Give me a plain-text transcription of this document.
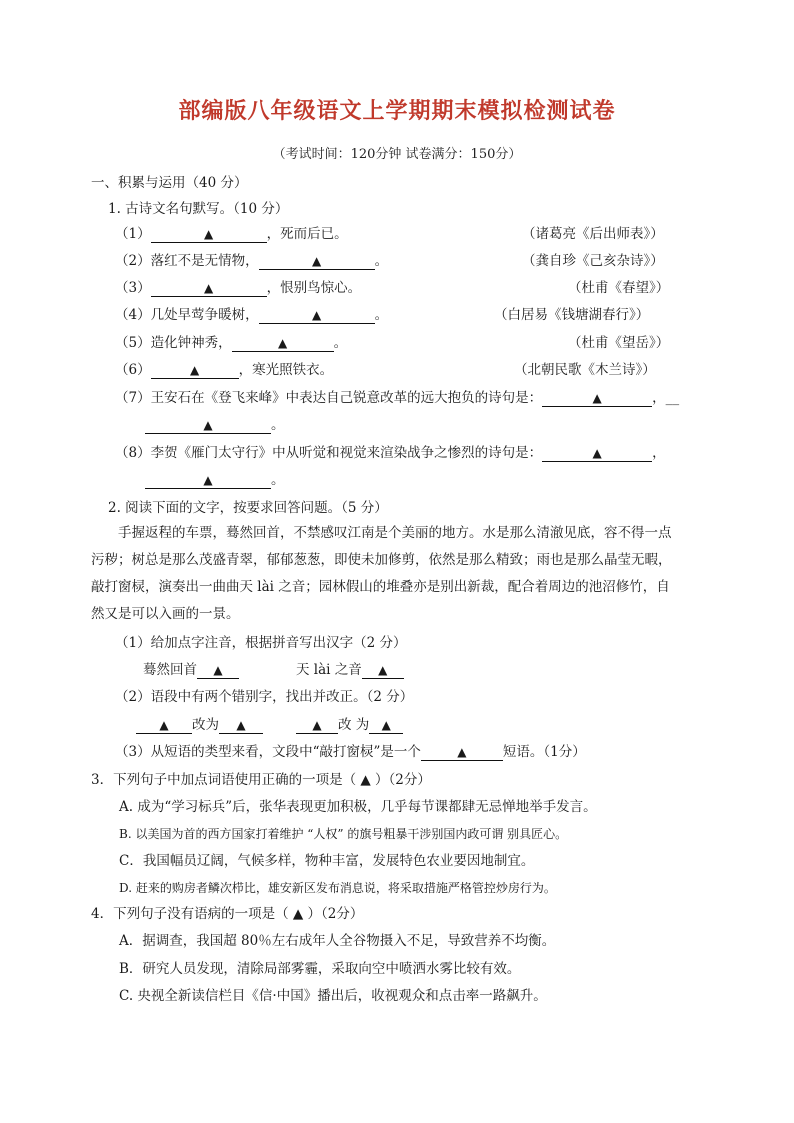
部编版八年级语文上学期期末模拟检测试卷
（考试时间：120分钟 试卷满分：150分）
一、积累与运用（40 分）
1. 古诗文名句默写。（10 分）
（1）	▲	，死而后已。	（诸葛亮《后出师表》）
（2）落红不是无情物，	▲	。	（龚自珍《己亥杂诗》）
（3）	▲	，恨别鸟惊心。	（杜甫《春望》）
（4）几处早莺争暖树，	▲	。	（白居易《钱塘湖春行》）
（5）造化钟神秀，	▲	。	（杜甫《望岳》）
（6）	▲	，寒光照铁衣。	（北朝民歌《木兰诗》）
（7）王安石在《登飞来峰》中表达自己锐意改革的远大抱负的诗句是：	▲	，__
▲	。
（8）李贺《雁门太守行》中从听觉和视觉来渲染战争之惨烈的诗句是：	▲	，
▲	。
2. 阅读下面的文字，按要求回答问题。（5 分）
手握返程的车票，蓦然回首，不禁感叹江南是个美丽的地方。水是那么清澈见底，容不得一点
污秽；树总是那么茂盛青翠，郁郁葱葱，即使未加修剪，依然是那么精致；雨也是那么晶莹无暇，
敲打窗棂，演奏出一曲曲天 lài 之音；园林假山的堆叠亦是别出新裁，配合着周边的池沼修竹，自
然又是可以入画的一景。
（1）给加点字注音，根据拼音写出汉字（2 分）
蓦然回首 ▲	天 lài 之音 ▲
（2）语段中有两个错别字，找出并改正。（2 分）
▲ 改为 ▲	▲ 改 为 ▲
（3）从短语的类型来看，文段中“敲打窗棂”是一个	▲	短语。（1分）
3．下列句子中加点词语使用正确的一项是（ ▲ ）（2分）
A. 成为“学习标兵”后，张华表现更加积极，几乎每节课都肆无忌惮地举手发言。
B. 以美国为首的西方国家打着维护 “人权” 的旗号粗暴干涉别国内政可谓 别具匠心。
C．我国幅员辽阔，气候多样，物种丰富，发展特色农业要因地制宜。
D. 赶来的购房者鳞次栉比，雄安新区发布消息说，将采取措施严格管控炒房行为。
4．下列句子没有语病的一项是（ ▲ ）（2分）
A．据调查，我国超 80％左右成年人全谷物摄入不足，导致营养不均衡。
B．研究人员发现，清除局部雾霾，采取向空中喷洒水雾比较有效。
C. 央视全新读信栏目《信·中国》播出后，收视观众和点击率一路飙升。
